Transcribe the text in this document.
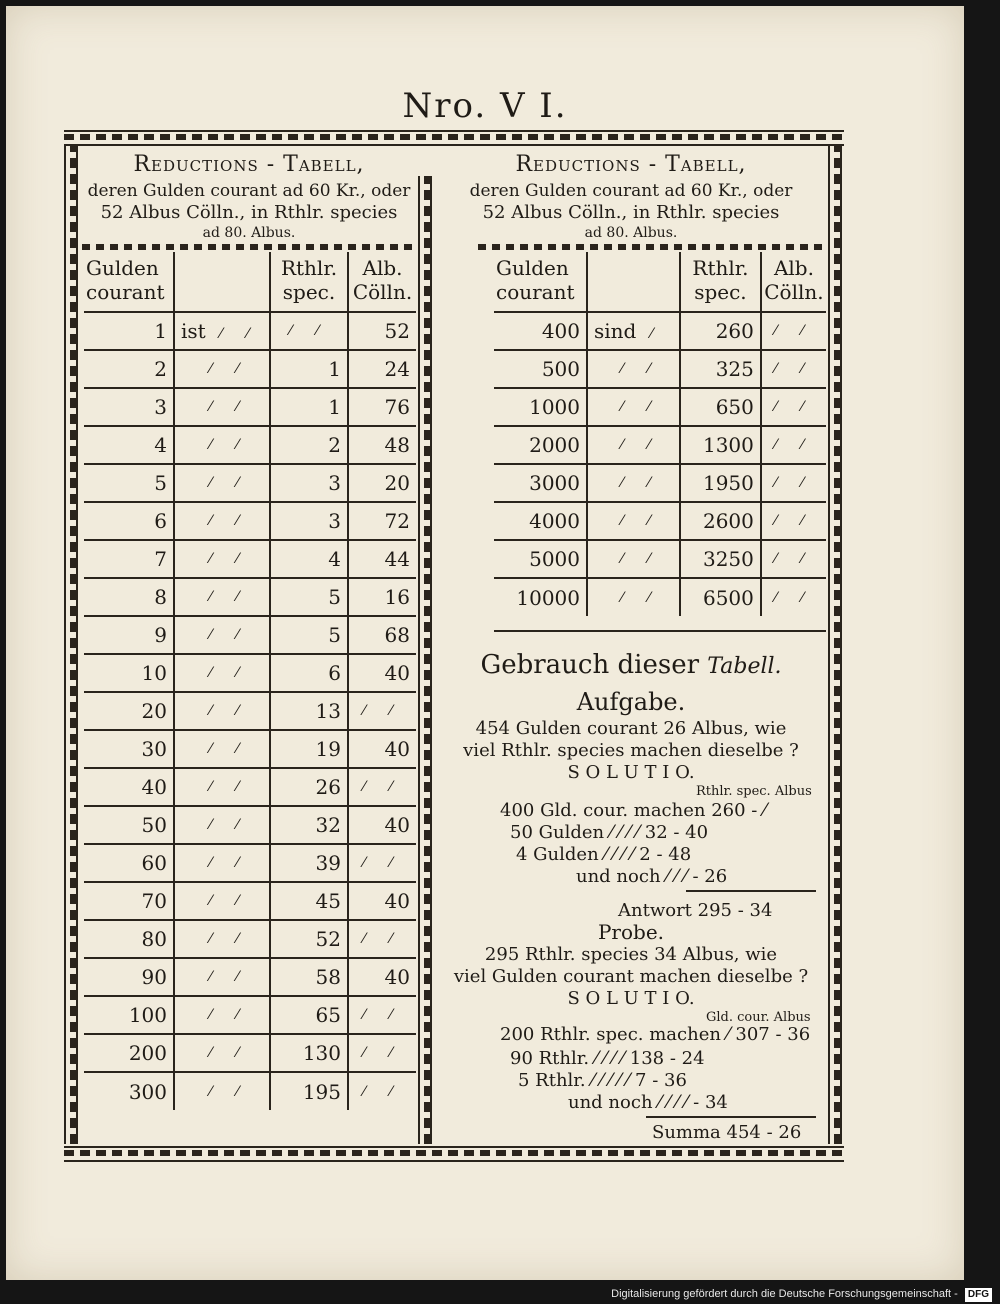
Nro. V I.
Reductions - Tabell,
deren Gulden courant ad 60 Kr., oder
52 Albus Cölln., in Rthlr. species
ad 80. Albus.
Gulden courant		Rthlr. spec.	Alb. Cölln.
1	ist ⁄ ⁄	⁄ ⁄	52
2	⁄ ⁄	1	24
3	⁄ ⁄	1	76
4	⁄ ⁄	2	48
5	⁄ ⁄	3	20
6	⁄ ⁄	3	72
7	⁄ ⁄	4	44
8	⁄ ⁄	5	16
9	⁄ ⁄	5	68
10	⁄ ⁄	6	40
20	⁄ ⁄	13	⁄ ⁄
30	⁄ ⁄	19	40
40	⁄ ⁄	26	⁄ ⁄
50	⁄ ⁄	32	40
60	⁄ ⁄	39	⁄ ⁄
70	⁄ ⁄	45	40
80	⁄ ⁄	52	⁄ ⁄
90	⁄ ⁄	58	40
100	⁄ ⁄	65	⁄ ⁄
200	⁄ ⁄	130	⁄ ⁄
300	⁄ ⁄	195	⁄ ⁄
Reductions - Tabell,
deren Gulden courant ad 60 Kr., oder
52 Albus Cölln., in Rthlr. species
ad 80. Albus.
Gulden courant		Rthlr. spec.	Alb. Cölln.
400	sind ⁄	260	⁄ ⁄
500	⁄ ⁄	325	⁄ ⁄
1000	⁄ ⁄	650	⁄ ⁄
2000	⁄ ⁄	1300	⁄ ⁄
3000	⁄ ⁄	1950	⁄ ⁄
4000	⁄ ⁄	2600	⁄ ⁄
5000	⁄ ⁄	3250	⁄ ⁄
10000	⁄ ⁄	6500	⁄ ⁄
Gebrauch dieser Tabell.
Aufgabe.
454 Gulden courant 26 Albus, wie
viel Rthlr. species machen dieselbe ?
S O L U T I O.
Rthlr. spec. Albus
400 Gld. cour. machen 260 - ⁄
50 Gulden ⁄ ⁄ ⁄ ⁄ 32 - 40
4 Gulden ⁄ ⁄ ⁄ ⁄ 2 - 48
und noch ⁄ ⁄ ⁄ - 26
Antwort 295 - 34
Probe.
295 Rthlr. species 34 Albus, wie
viel Gulden courant machen dieselbe ?
S O L U T I O.
Gld. cour. Albus
200 Rthlr. spec. machen ⁄ 307 - 36
90 Rthlr. ⁄ ⁄ ⁄ ⁄ 138 - 24
5 Rthlr. ⁄ ⁄ ⁄ ⁄ ⁄ 7 - 36
und noch ⁄ ⁄ ⁄ ⁄ - 34
Summa 454 - 26
Digitalisierung gefördert durch die Deutsche Forschungsgemeinschaft - DFG
